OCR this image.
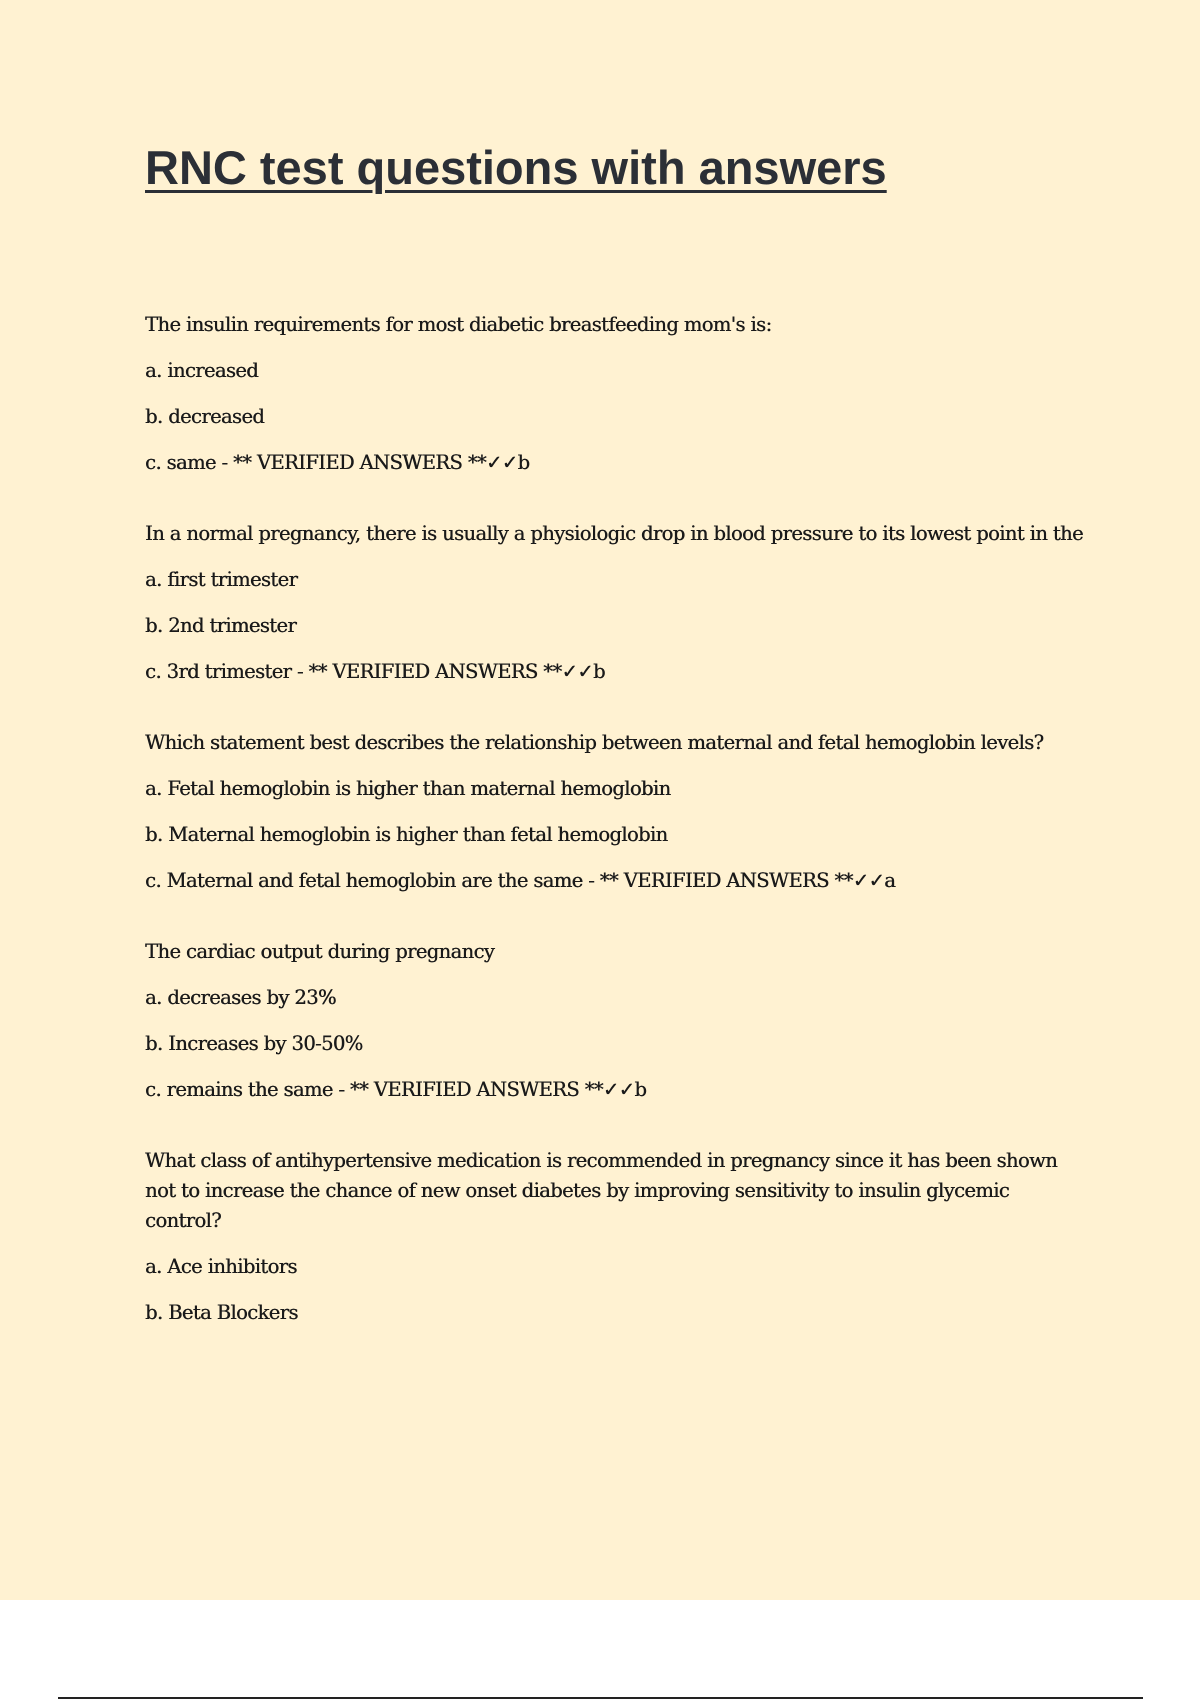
RNC test questions with answers
The insulin requirements for most diabetic breastfeeding mom's is:
a. increased
b. decreased
c. same - ** VERIFIED ANSWERS **✓✓b
In a normal pregnancy, there is usually a physiologic drop in blood pressure to its lowest point in the
a. first trimester
b. 2nd trimester
c. 3rd trimester - ** VERIFIED ANSWERS **✓✓b
Which statement best describes the relationship between maternal and fetal hemoglobin levels?
a. Fetal hemoglobin is higher than maternal hemoglobin
b. Maternal hemoglobin is higher than fetal hemoglobin
c. Maternal and fetal hemoglobin are the same - ** VERIFIED ANSWERS **✓✓a
The cardiac output during pregnancy
a. decreases by 23%
b. Increases by 30-50%
c. remains the same - ** VERIFIED ANSWERS **✓✓b
What class of antihypertensive medication is recommended in pregnancy since it has been shown not to increase the chance of new onset diabetes by improving sensitivity to insulin glycemic control?
a. Ace inhibitors
b. Beta Blockers
